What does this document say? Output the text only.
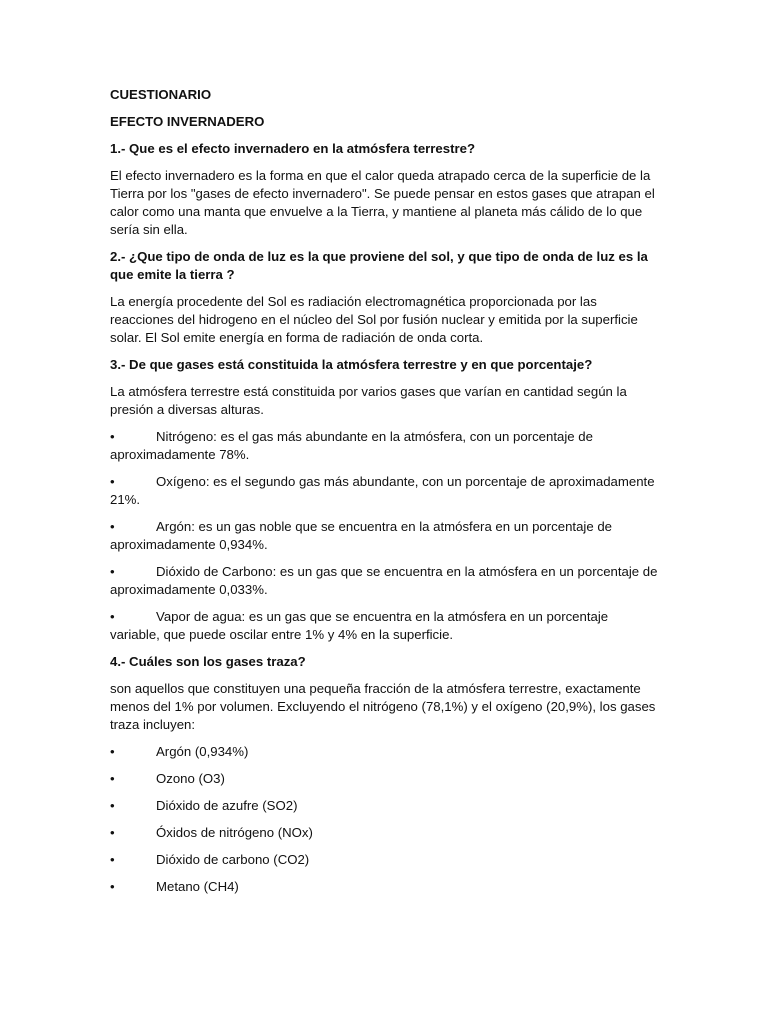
CUESTIONARIO
EFECTO INVERNADERO
1.- Que es el efecto invernadero en la atmósfera terrestre?
El efecto invernadero es la forma en que el calor queda atrapado cerca de la superficie de la Tierra por los "gases de efecto invernadero". Se puede pensar en estos gases que atrapan el calor como una manta que envuelve a la Tierra, y mantiene al planeta más cálido de lo que sería sin ella.
2.- ¿Que tipo de onda de luz es la que proviene del sol, y que tipo de onda de luz es la que emite la tierra ?
La energía procedente del Sol es radiación electromagnética proporcionada por las reacciones del hidrogeno en el núcleo del Sol por fusión nuclear y emitida por la superficie solar. El Sol emite energía en forma de radiación de onda corta.
3.- De que gases está constituida la atmósfera terrestre y en que porcentaje?
La atmósfera terrestre está constituida por varios gases que varían en cantidad según la presión a diversas alturas.
•	Nitrógeno: es el gas más abundante en la atmósfera, con un porcentaje de aproximadamente 78%.
•	Oxígeno: es el segundo gas más abundante, con un porcentaje de aproximadamente 21%.
•	Argón: es un gas noble que se encuentra en la atmósfera en un porcentaje de aproximadamente 0,934%.
•	Dióxido de Carbono: es un gas que se encuentra en la atmósfera en un porcentaje de aproximadamente 0,033%.
•	Vapor de agua: es un gas que se encuentra en la atmósfera en un porcentaje variable, que puede oscilar entre 1% y 4% en la superficie.
4.- Cuáles son los gases traza?
son aquellos que constituyen una pequeña fracción de la atmósfera terrestre, exactamente menos del 1% por volumen. Excluyendo el nitrógeno (78,1%) y el oxígeno (20,9%), los gases traza incluyen:
•	Argón (0,934%)
•	Ozono (O3)
•	Dióxido de azufre (SO2)
•	Óxidos de nitrógeno (NOx)
•	Dióxido de carbono (CO2)
•	Metano (CH4)
